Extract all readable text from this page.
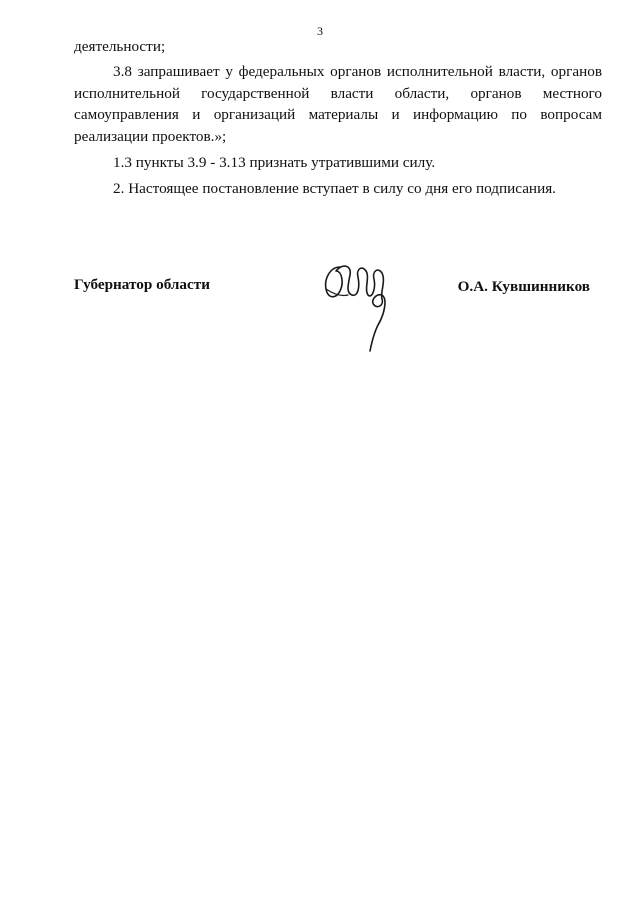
3

деятельности;

3.8 запрашивает у федеральных органов исполнительной власти, органов исполнительной государственной власти области, органов местного самоуправления и организаций материалы и информацию по вопросам реализации проектов.»;

1.3 пункты 3.9 - 3.13 признать утратившими силу.

2. Настоящее постановление вступает в силу со дня его подписания.

Губернатор области	О.А. Кувшинников
